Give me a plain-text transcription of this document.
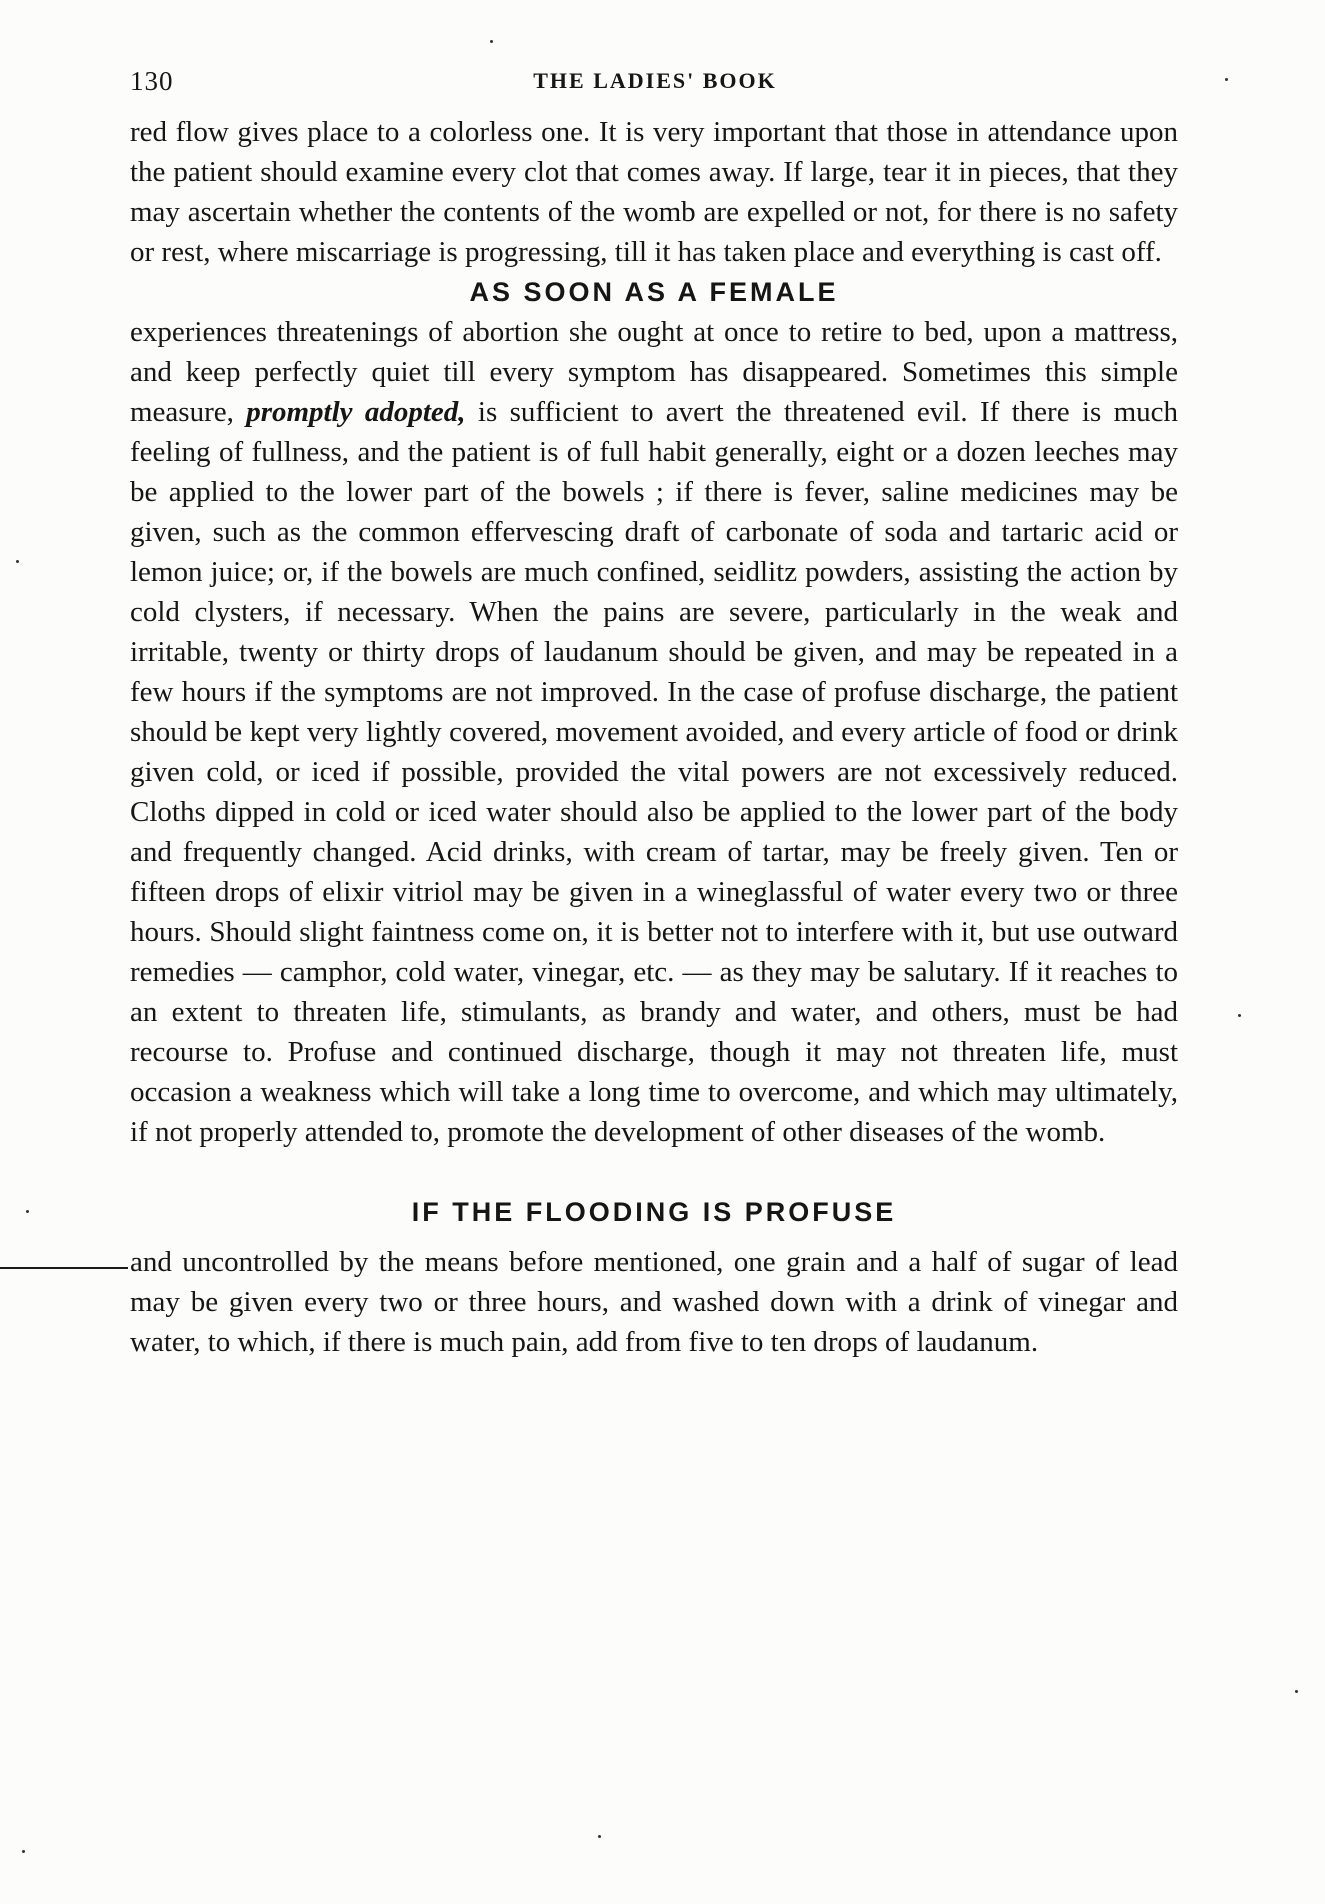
130	THE LADIES' BOOK

red flow gives place to a colorless one. It is very important that those in attendance upon the patient should examine every clot that comes away. If large, tear it in pieces, that they may ascertain whether the contents of the womb are expelled or not, for there is no safety or rest, where miscarriage is progressing, till it has taken place and everything is cast off.

AS SOON AS A FEMALE

experiences threatenings of abortion she ought at once to retire to bed, upon a mattress, and keep perfectly quiet till every symptom has disappeared. Sometimes this simple measure, promptly adopted, is sufficient to avert the threatened evil. If there is much feeling of fullness, and the patient is of full habit generally, eight or a dozen leeches may be applied to the lower part of the bowels ; if there is fever, saline medicines may be given, such as the common effervescing draft of carbonate of soda and tartaric acid or lemon juice; or, if the bowels are much confined, seidlitz powders, assisting the action by cold clysters, if necessary. When the pains are severe, particularly in the weak and irritable, twenty or thirty drops of laudanum should be given, and may be repeated in a few hours if the symptoms are not improved. In the case of profuse discharge, the patient should be kept very lightly covered, movement avoided, and every article of food or drink given cold, or iced if possible, provided the vital powers are not excessively reduced. Cloths dipped in cold or iced water should also be applied to the lower part of the body and frequently changed. Acid drinks, with cream of tartar, may be freely given. Ten or fifteen drops of elixir vitriol may be given in a wineglassful of water every two or three hours. Should slight faintness come on, it is better not to interfere with it, but use outward remedies — camphor, cold water, vinegar, etc. — as they may be salutary. If it reaches to an extent to threaten life, stimulants, as brandy and water, and others, must be had recourse to. Profuse and continued discharge, though it may not threaten life, must occasion a weakness which will take a long time to overcome, and which may ultimately, if not properly attended to, promote the development of other diseases of the womb.

IF THE FLOODING IS PROFUSE

and uncontrolled by the means before mentioned, one grain and a half of sugar of lead may be given every two or three hours, and washed down with a drink of vinegar and water, to which, if there is much pain, add from five to ten drops of laudanum.
